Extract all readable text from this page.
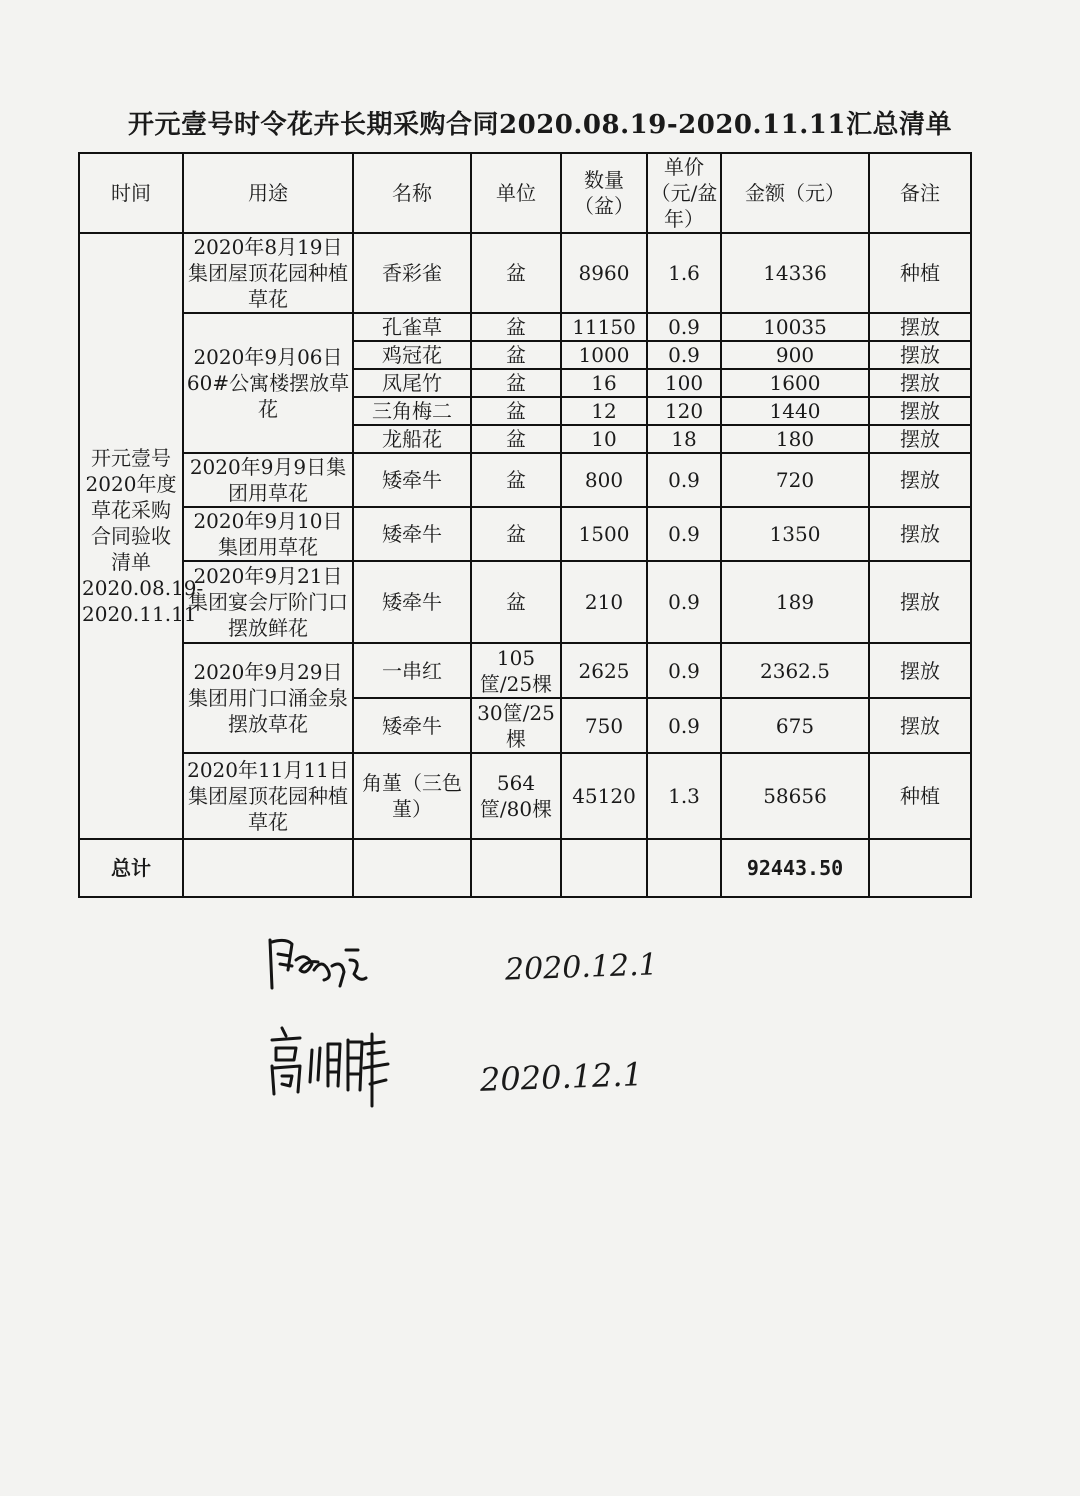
开元壹号时令花卉长期采购合同2020.08.19-2020.11.11汇总清单
时间	用途	名称	单位	数量（盆）	单价（元/盆年）	金额（元）	备注
开元壹号2020年度草花采购合同验收清单2020.08.19-2020.11.11	2020年8月19日集团屋顶花园种植草花	香彩雀	盆	8960	1.6	14336	种植
	2020年9月06日60#公寓楼摆放草花	孔雀草	盆	11150	0.9	10035	摆放
		鸡冠花	盆	1000	0.9	900	摆放
		凤尾竹	盆	16	100	1600	摆放
		三角梅二	盆	12	120	1440	摆放
		龙船花	盆	10	18	180	摆放
	2020年9月9日集团用草花	矮牵牛	盆	800	0.9	720	摆放
	2020年9月10日集团用草花	矮牵牛	盆	1500	0.9	1350	摆放
	2020年9月21日集团宴会厅阶门口摆放鲜花	矮牵牛	盆	210	0.9	189	摆放
	2020年9月29日集团用门口涌金泉摆放草花	一串红	105筐/25棵	2625	0.9	2362.5	摆放
		矮牵牛	30筐/25棵	750	0.9	675	摆放
	2020年11月11日集团屋顶花园种植草花	角堇（三色堇）	564筐/80棵	45120	1.3	58656	种植
总计						92443.50	
2020.12.1
2020.12.1
